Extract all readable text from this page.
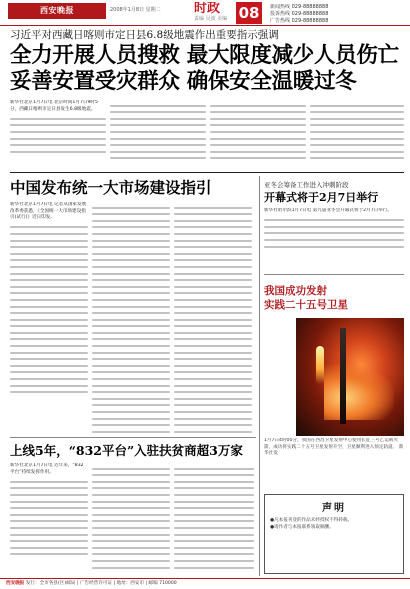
西安晚报	2008年1月8日 星期二	时政
责编 吴波 美编 08	新闻热线 029-88888888
投诉热线 029-88888888
广告热线 029-88888888
习近平对西藏日喀则市定日县6.8级地震作出重要指示强调
全力开展人员搜救 最大限度减少人员伤亡
妥善安置受灾群众 确保安全温暖过冬
新华社北京1月7日电 北京时间1月7日9时5分，西藏日喀则市定日县发生6.8级地震。
中国发布统一大市场建设指引
新华社北京1月7日电 记者从国家发展改革委获悉，《全国统一大市场建设指引(试行)》近日印发。
亚冬会筹备工作进入冲刺阶段
开幕式将于2月7日举行
新华社哈尔滨1月7日电 第九届亚冬会开幕式将于2月7日举行。
我国成功发射
实践二十五号卫星
1月7日4时00分，我国在西昌卫星发射中心使用长征三号乙运载火箭，成功将实践二十五号卫星发射升空，卫星顺利进入预定轨道。 新华社发
上线5年，“832平台”入驻扶贫商超3万家
新华社北京1月7日电 近年来，“832平台”持续发挥作用。
声明
●凡本报刊登的作品未经授权不得转载。
●请作者与本报联系领取稿酬。
西安晚报 发行：全市各县(区)邮局 | 广告经营许可证 | 地址：西安市 | 邮编 710000
